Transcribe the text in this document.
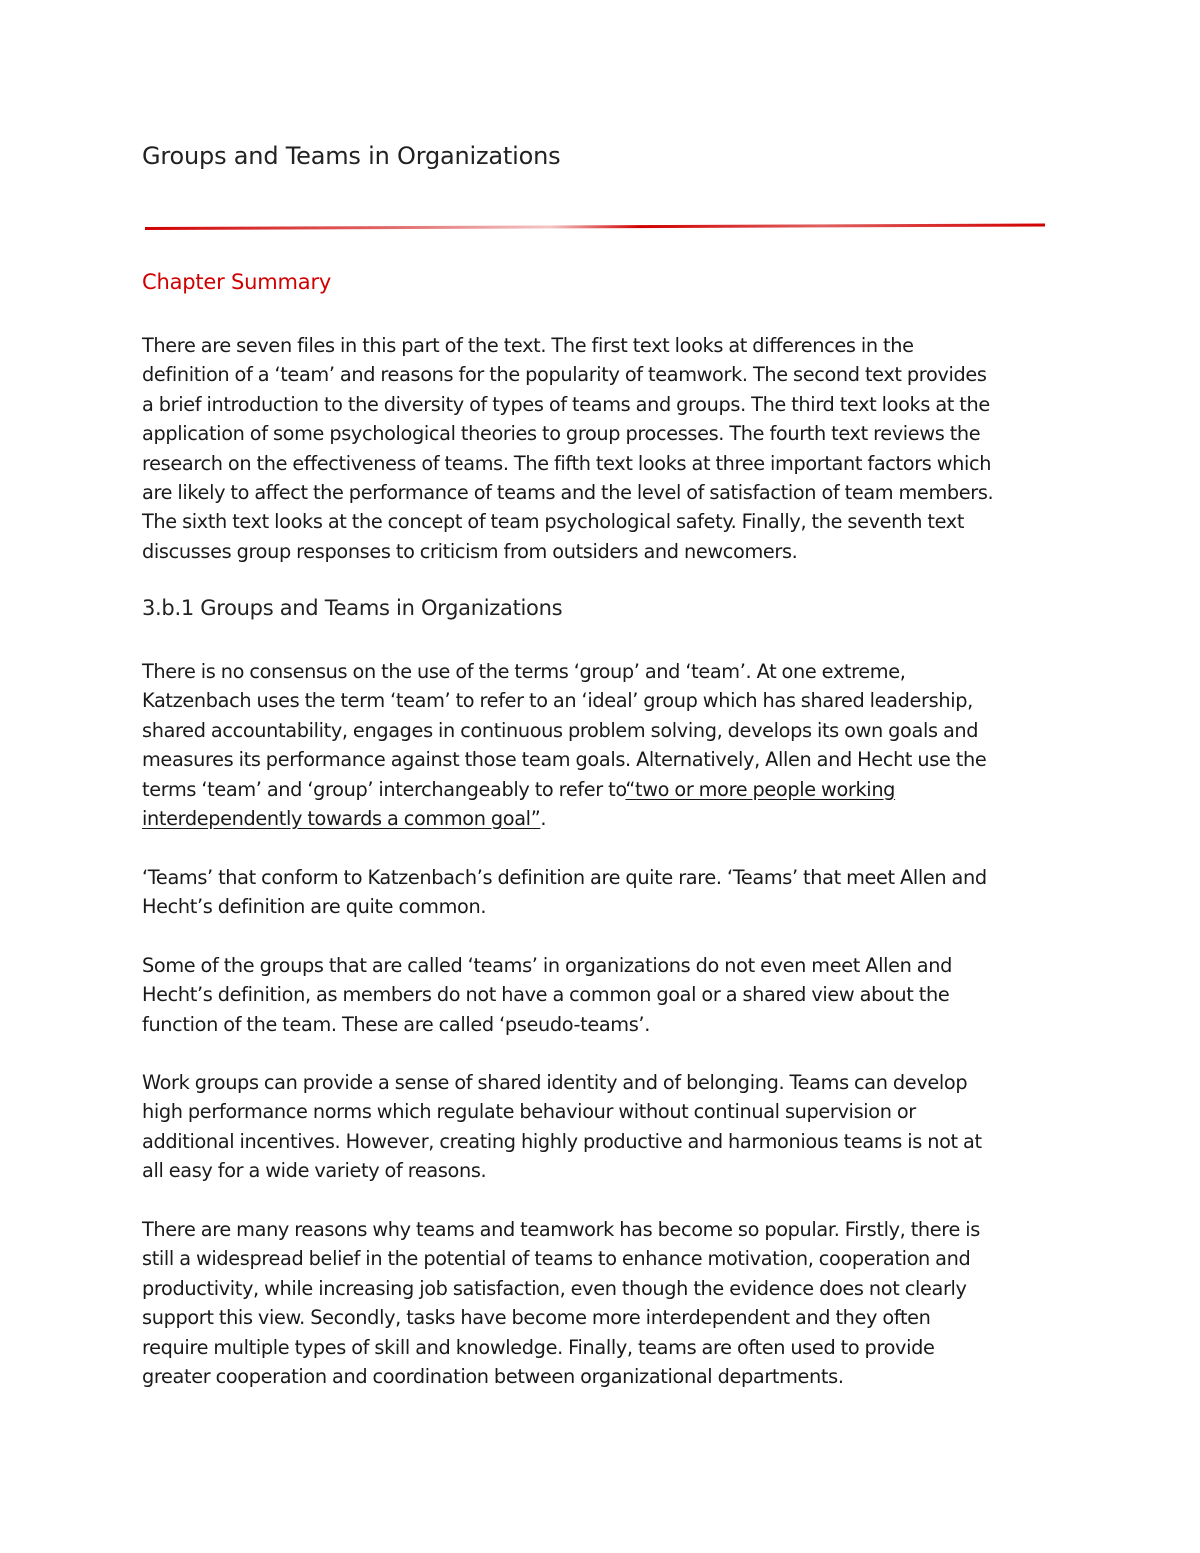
Groups and Teams in Organizations
Chapter Summary
There are seven files in this part of the text. The first text looks at differences in the
definition of a ‘team’ and reasons for the popularity of teamwork. The second text provides
a brief introduction to the diversity of types of teams and groups. The third text looks at the
application of some psychological theories to group processes. The fourth text reviews the
research on the effectiveness of teams. The fifth text looks at three important factors which
are likely to affect the performance of teams and the level of satisfaction of team members.
The sixth text looks at the concept of team psychological safety. Finally, the seventh text
discusses group responses to criticism from outsiders and newcomers.
3.b.1 Groups and Teams in Organizations
There is no consensus on the use of the terms ‘group’ and ‘team’. At one extreme,
Katzenbach uses the term ‘team’ to refer to an ‘ideal’ group which has shared leadership,
shared accountability, engages in continuous problem solving, develops its own goals and
measures its performance against those team goals. Alternatively, Allen and Hecht use the
terms ‘team’ and ‘group’ interchangeably to refer to“two or more people working
interdependently towards a common goal”.
‘Teams’ that conform to Katzenbach’s definition are quite rare. ‘Teams’ that meet Allen and
Hecht’s definition are quite common.
Some of the groups that are called ‘teams’ in organizations do not even meet Allen and
Hecht’s definition, as members do not have a common goal or a shared view about the
function of the team. These are called ‘pseudo-teams’.
Work groups can provide a sense of shared identity and of belonging. Teams can develop
high performance norms which regulate behaviour without continual supervision or
additional incentives. However, creating highly productive and harmonious teams is not at
all easy for a wide variety of reasons.
There are many reasons why teams and teamwork has become so popular. Firstly, there is
still a widespread belief in the potential of teams to enhance motivation, cooperation and
productivity, while increasing job satisfaction, even though the evidence does not clearly
support this view. Secondly, tasks have become more interdependent and they often
require multiple types of skill and knowledge. Finally, teams are often used to provide
greater cooperation and coordination between organizational departments.
